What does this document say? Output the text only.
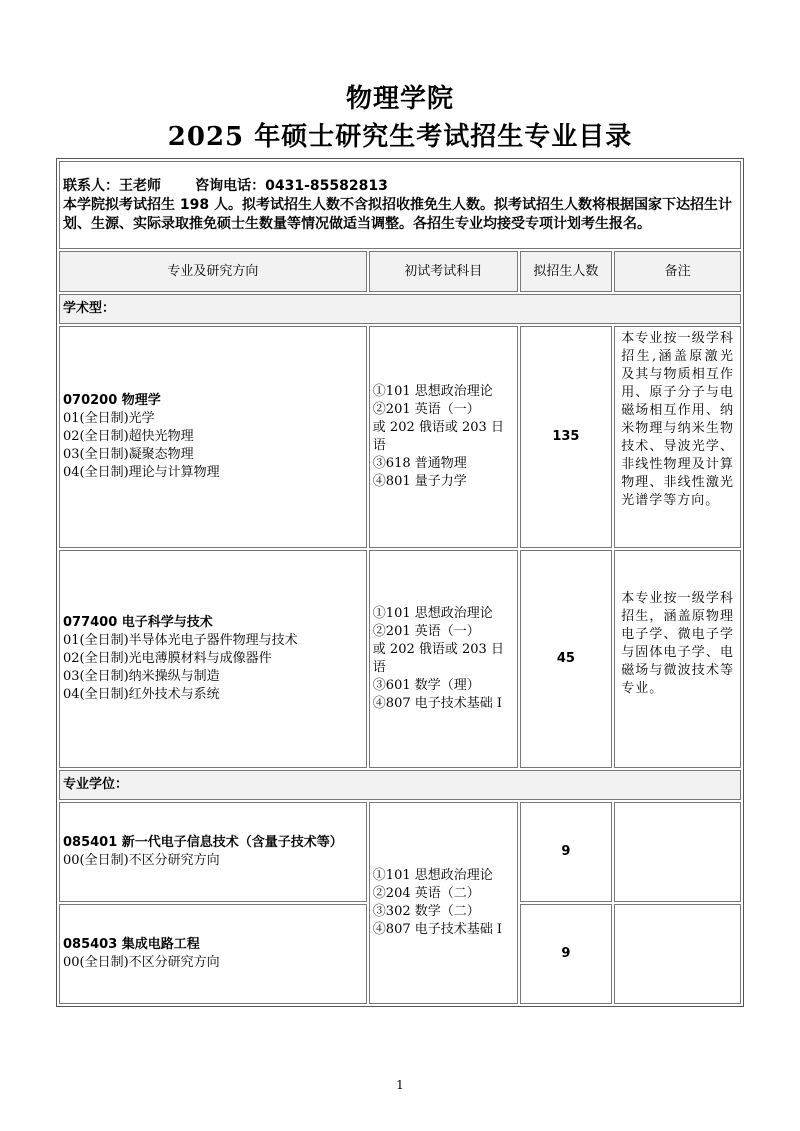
物理学院
2025 年硕士研究生考试招生专业目录
联系人：王老师 咨询电话：0431-85582813
本学院拟考试招生 198 人。拟考试招生人数不含拟招收推免生人数。拟考试招生人数将根据国家下达招生计划、生源、实际录取推免硕士生数量等情况做适当调整。各招生专业均接受专项计划考生报名。			
专业及研究方向	初试考试科目	拟招生人数	备注
学术型：			

070200 物理学
01(全日制)光学
02(全日制)超快光物理
03(全日制)凝聚态物理
04(全日制)理论与计算物理	①101 思想政治理论
②201 英语（一）
或 202 俄语或 203 日语
③618 普通物理
④801 量子力学	135	本专业按一级学科招生,涵盖原激光及其与物质相互作用、原子分子与电磁场相互作用、纳米物理与纳米生物技术、导波光学、非线性物理及计算物理、非线性激光光谱学等方向。

077400 电子科学与技术
01(全日制)半导体光电子器件物理与技术
02(全日制)光电薄膜材料与成像器件
03(全日制)纳米操纵与制造
04(全日制)红外技术与系统	①101 思想政治理论
②201 英语（一）
或 202 俄语或 203 日语
③601 数学（理）
④807 电子技术基础 I	45	本专业按一级学科招生，涵盖原物理电子学、微电子学与固体电子学、电磁场与微波技术等专业。

专业学位：			

085401 新一代电子信息技术（含量子技术等）
00(全日制)不区分研究方向	①101 思想政治理论
②204 英语（二）
③302 数学（二）
④807 电子技术基础 I	9	

085403 集成电路工程
00(全日制)不区分研究方向		9	
1
